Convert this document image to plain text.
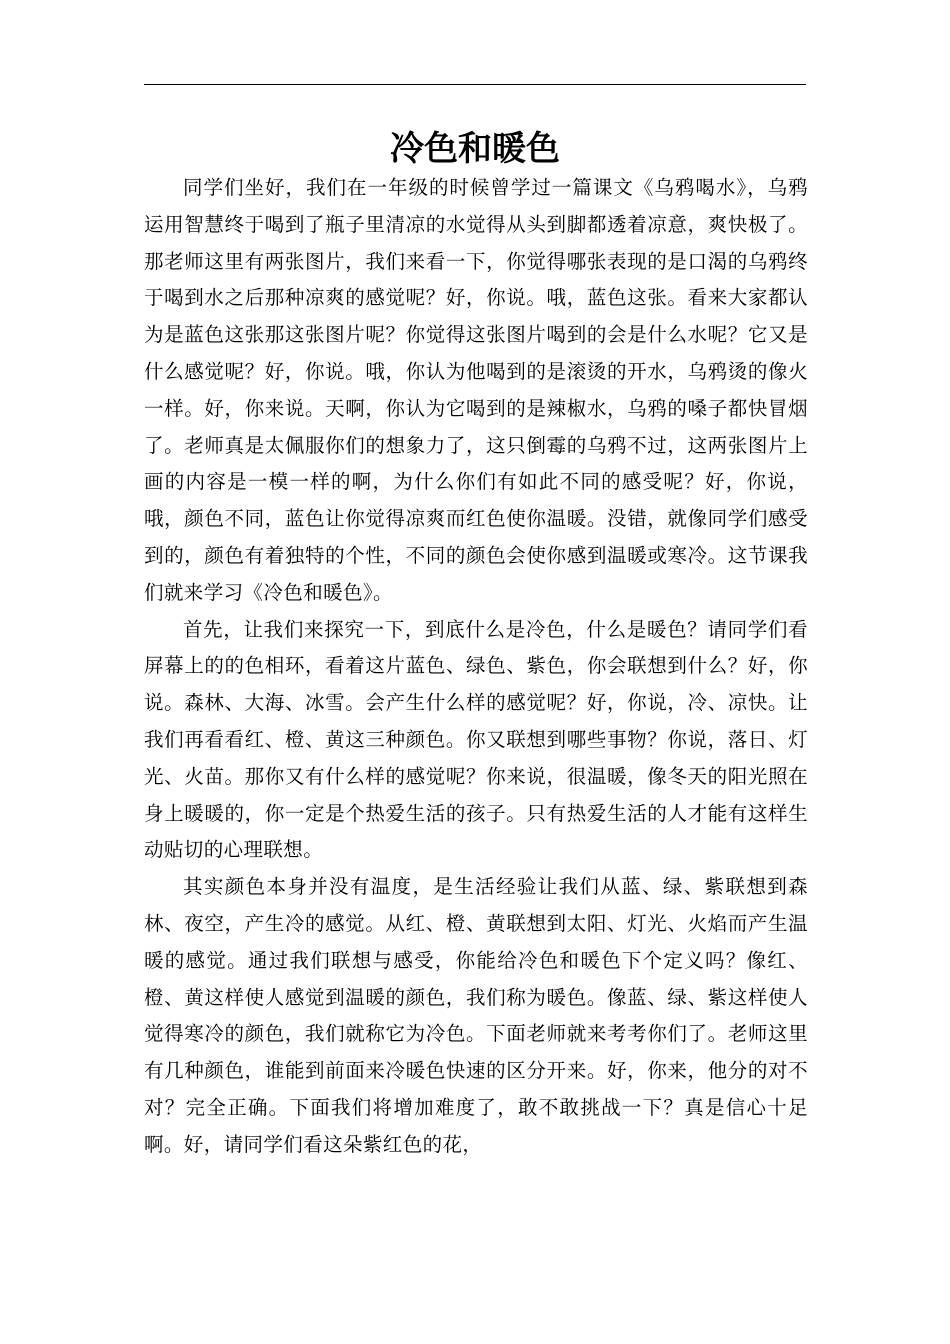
冷色和暖色

同学们坐好，我们在一年级的时候曾学过一篇课文《乌鸦喝水》，乌鸦运用智慧终于喝到了瓶子里清凉的水觉得从头到脚都透着凉意，爽快极了。那老师这里有两张图片，我们来看一下，你觉得哪张表现的是口渴的乌鸦终于喝到水之后那种凉爽的感觉呢？好，你说。哦，蓝色这张。看来大家都认为是蓝色这张那这张图片呢？你觉得这张图片喝到的会是什么水呢？它又是什么感觉呢？好，你说。哦，你认为他喝到的是滚烫的开水，乌鸦烫的像火一样。好，你来说。天啊，你认为它喝到的是辣椒水，乌鸦的嗓子都快冒烟了。老师真是太佩服你们的想象力了，这只倒霉的乌鸦不过，这两张图片上画的内容是一模一样的啊，为什么你们有如此不同的感受呢？好，你说，哦，颜色不同，蓝色让你觉得凉爽而红色使你温暖。没错，就像同学们感受到的，颜色有着独特的个性，不同的颜色会使你感到温暖或寒冷。这节课我们就来学习《冷色和暖色》。

首先，让我们来探究一下，到底什么是冷色，什么是暖色？请同学们看屏幕上的的色相环，看着这片蓝色、绿色、紫色，你会联想到什么？好，你说。森林、大海、冰雪。会产生什么样的感觉呢？好，你说，冷、凉快。让我们再看看红、橙、黄这三种颜色。你又联想到哪些事物？你说，落日、灯光、火苗。那你又有什么样的感觉呢？你来说，很温暖，像冬天的阳光照在身上暖暖的，你一定是个热爱生活的孩子。只有热爱生活的人才能有这样生动贴切的心理联想。

其实颜色本身并没有温度，是生活经验让我们从蓝、绿、紫联想到森林、夜空，产生冷的感觉。从红、橙、黄联想到太阳、灯光、火焰而产生温暖的感觉。通过我们联想与感受，你能给冷色和暖色下个定义吗？像红、橙、黄这样使人感觉到温暖的颜色，我们称为暖色。像蓝、绿、紫这样使人觉得寒冷的颜色，我们就称它为冷色。下面老师就来考考你们了。老师这里有几种颜色，谁能到前面来冷暖色快速的区分开来。好，你来，他分的对不对？完全正确。下面我们将增加难度了，敢不敢挑战一下？真是信心十足啊。好，请同学们看这朵紫红色的花，
